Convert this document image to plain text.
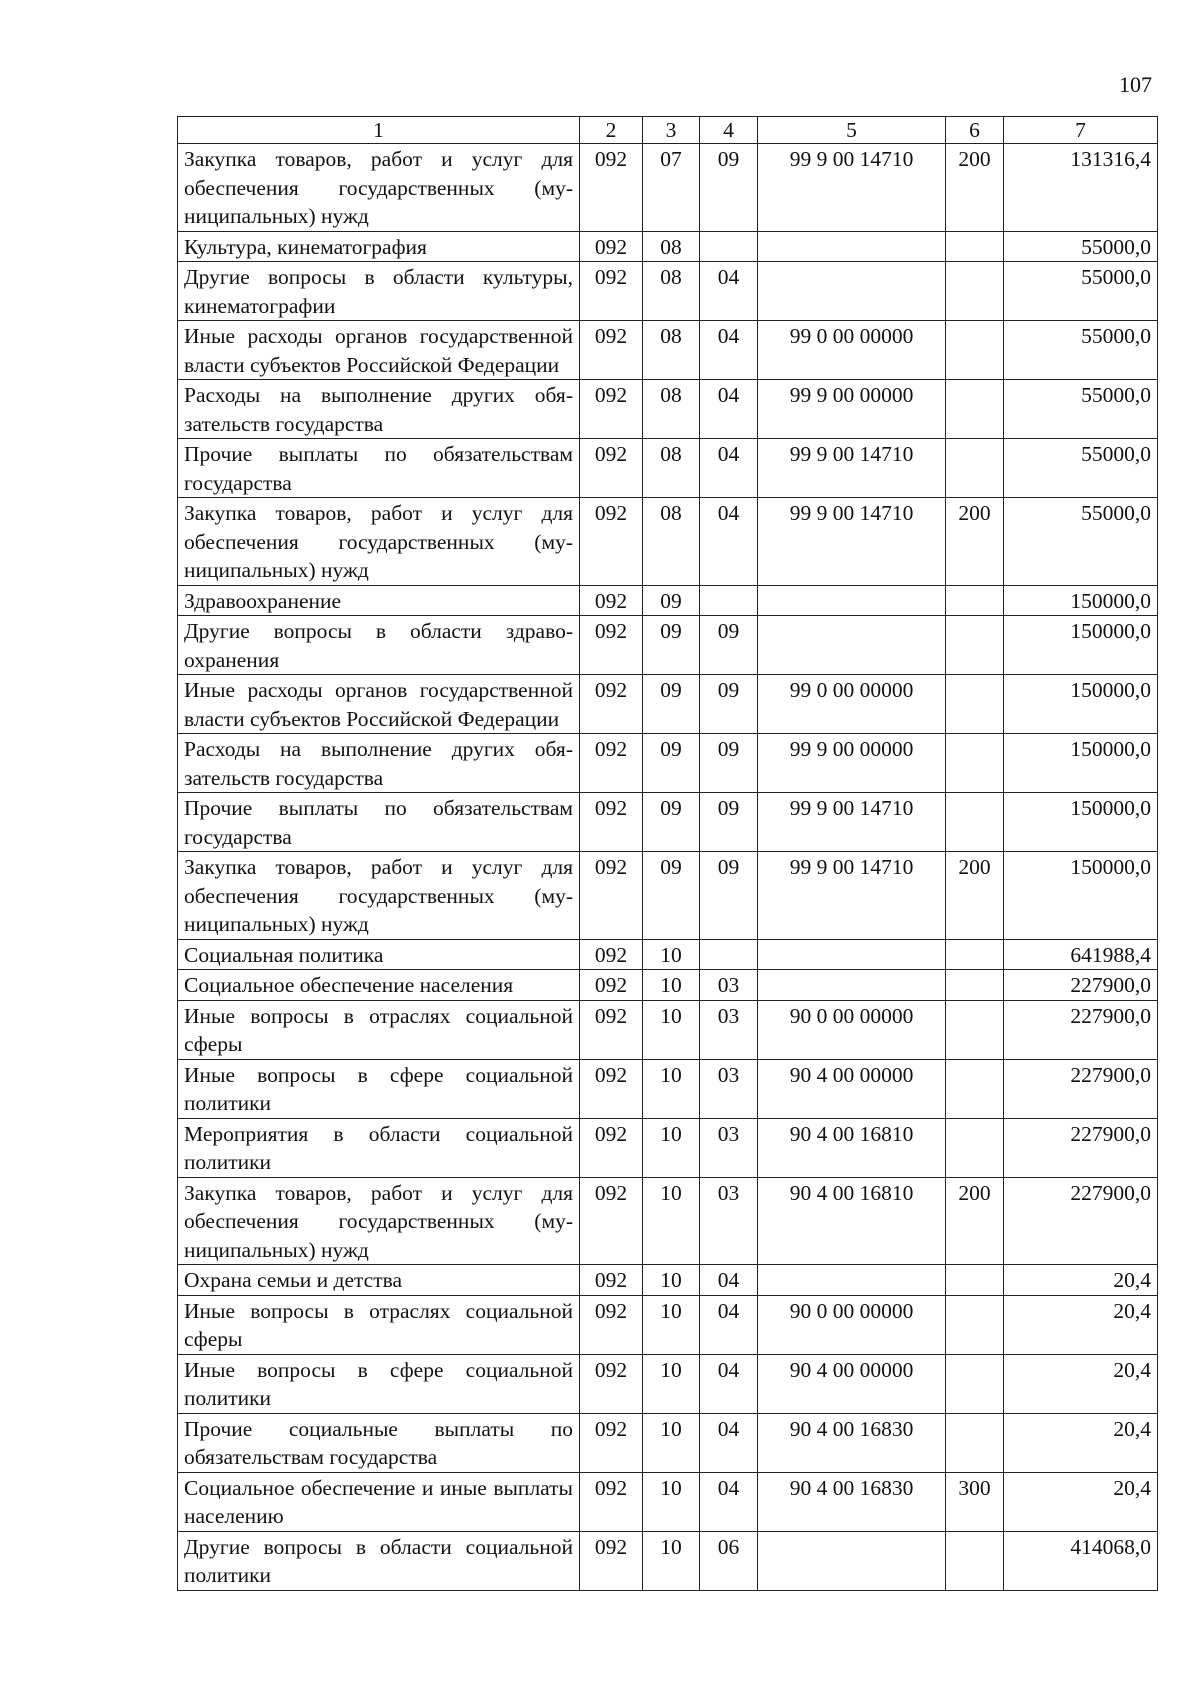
107
1	2	3	4	5	6	7
Закупка товаров, работ и услуг для обеспечения государственных (муниципальных) нужд	092	07	09	99 9 00 14710	200	131316,4
Культура, кинематография	092	08				55000,0
Другие вопросы в области культуры, кинематографии	092	08	04			55000,0
Иные расходы органов государственной власти субъектов Российской Федерации	092	08	04	99 0 00 00000		55000,0
Расходы на выполнение других обязательств государства	092	08	04	99 9 00 00000		55000,0
Прочие выплаты по обязательствам государства	092	08	04	99 9 00 14710		55000,0
Закупка товаров, работ и услуг для обеспечения государственных (муниципальных) нужд	092	08	04	99 9 00 14710	200	55000,0
Здравоохранение	092	09				150000,0
Другие вопросы в области здравоохранения	092	09	09			150000,0
Иные расходы органов государственной власти субъектов Российской Федерации	092	09	09	99 0 00 00000		150000,0
Расходы на выполнение других обязательств государства	092	09	09	99 9 00 00000		150000,0
Прочие выплаты по обязательствам государства	092	09	09	99 9 00 14710		150000,0
Закупка товаров, работ и услуг для обеспечения государственных (муниципальных) нужд	092	09	09	99 9 00 14710	200	150000,0
Социальная политика	092	10				641988,4
Социальное обеспечение населения	092	10	03			227900,0
Иные вопросы в отраслях социальной сферы	092	10	03	90 0 00 00000		227900,0
Иные вопросы в сфере социальной политики	092	10	03	90 4 00 00000		227900,0
Мероприятия в области социальной политики	092	10	03	90 4 00 16810		227900,0
Закупка товаров, работ и услуг для обеспечения государственных (муниципальных) нужд	092	10	03	90 4 00 16810	200	227900,0
Охрана семьи и детства	092	10	04			20,4
Иные вопросы в отраслях социальной сферы	092	10	04	90 0 00 00000		20,4
Иные вопросы в сфере социальной политики	092	10	04	90 4 00 00000		20,4
Прочие социальные выплаты по обязательствам государства	092	10	04	90 4 00 16830		20,4
Социальное обеспечение и иные выплаты населению	092	10	04	90 4 00 16830	300	20,4
Другие вопросы в области социальной политики	092	10	06			414068,0
